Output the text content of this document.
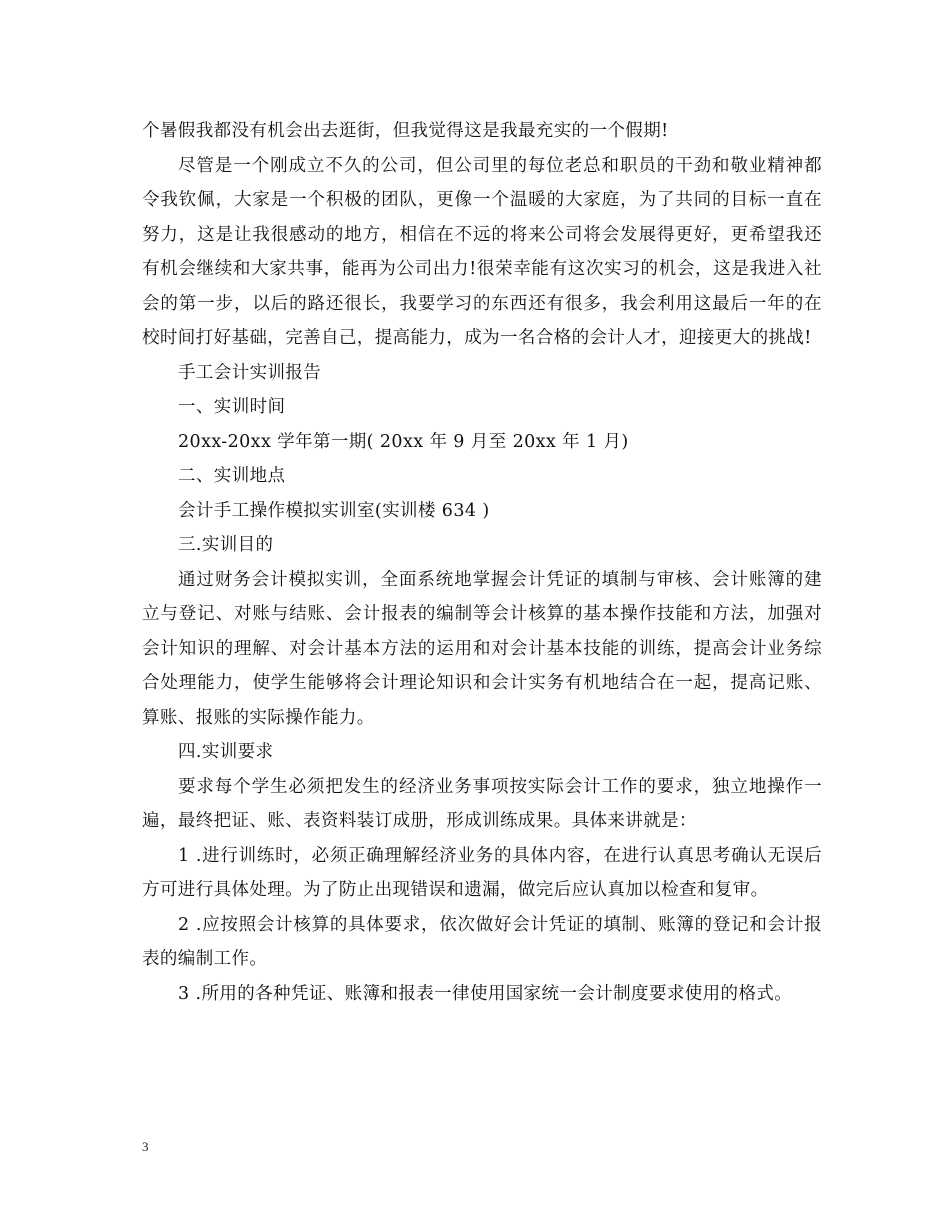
个暑假我都没有机会出去逛街，但我觉得这是我最充实的一个假期!

尽管是一个刚成立不久的公司，但公司里的每位老总和职员的干劲和敬业精神都令我钦佩，大家是一个积极的团队，更像一个温暖的大家庭，为了共同的目标一直在努力，这是让我很感动的地方，相信在不远的将来公司将会发展得更好，更希望我还有机会继续和大家共事，能再为公司出力!很荣幸能有这次实习的机会，这是我进入社会的第一步，以后的路还很长，我要学习的东西还有很多，我会利用这最后一年的在校时间打好基础，完善自己，提高能力，成为一名合格的会计人才，迎接更大的挑战!

手工会计实训报告

一、实训时间

20xx-20xx 学年第一期( 20xx 年 9 月至 20xx 年 1 月)

二、实训地点

会计手工操作模拟实训室(实训楼 634 )

三.实训目的

通过财务会计模拟实训，全面系统地掌握会计凭证的填制与审核、会计账簿的建立与登记、对账与结账、会计报表的编制等会计核算的基本操作技能和方法，加强对会计知识的理解、对会计基本方法的运用和对会计基本技能的训练，提高会计业务综合处理能力，使学生能够将会计理论知识和会计实务有机地结合在一起，提高记账、算账、报账的实际操作能力。

四.实训要求

要求每个学生必须把发生的经济业务事项按实际会计工作的要求，独立地操作一遍，最终把证、账、表资料装订成册，形成训练成果。具体来讲就是：

1 .进行训练时，必须正确理解经济业务的具体内容，在进行认真思考确认无误后方可进行具体处理。为了防止出现错误和遗漏，做完后应认真加以检查和复审。

2 .应按照会计核算的具体要求，依次做好会计凭证的填制、账簿的登记和会计报表的编制工作。

3 .所用的各种凭证、账簿和报表一律使用国家统一会计制度要求使用的格式。

3
